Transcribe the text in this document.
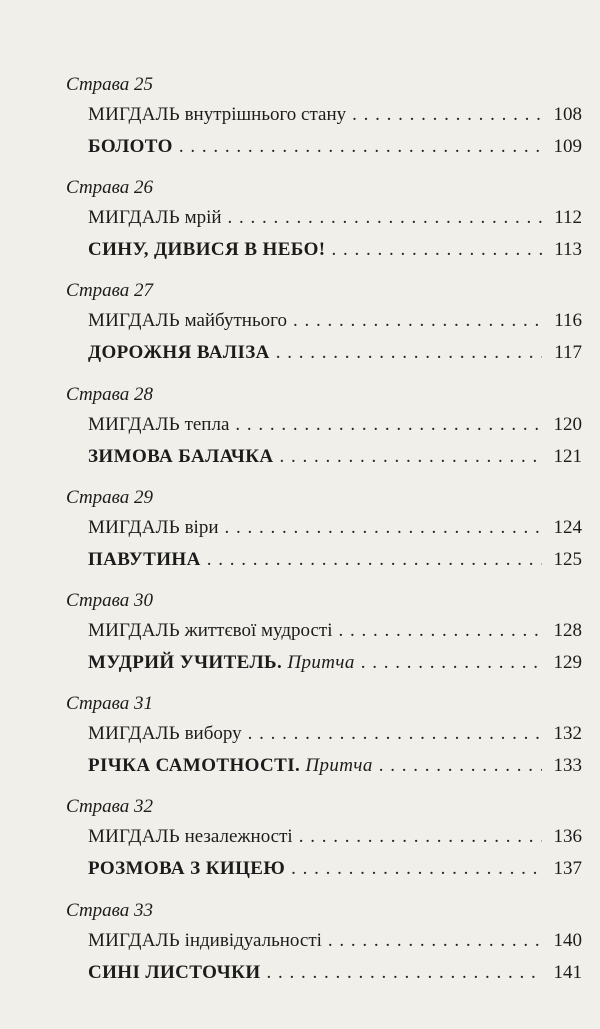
Страва 25
МИГДАЛЬ внутрішнього стану . . .	108
БОЛОТО . . .	109
Страва 26
МИГДАЛЬ мрій . . .	112
СИНУ, ДИВИСЯ В НЕБО! . . .	113
Страва 27
МИГДАЛЬ майбутнього . . .	116
ДОРОЖНЯ ВАЛІЗА . . .	117
Страва 28
МИГДАЛЬ тепла . . .	120
ЗИМОВА БАЛАЧКА . . .	121
Страва 29
МИГДАЛЬ віри . . .	124
ПАВУТИНА . . .	125
Страва 30
МИГДАЛЬ життєвої мудрості . . .	128
МУДРИЙ УЧИТЕЛЬ. Притча . . .	129
Страва 31
МИГДАЛЬ вибору . . .	132
РІЧКА САМОТНОСТІ. Притча . . .	133
Страва 32
МИГДАЛЬ незалежності . . .	136
РОЗМОВА З КИЦЕЮ . . .	137
Страва 33
МИГДАЛЬ індивідуальності . . .	140
СИНІ ЛИСТОЧКИ . . .	141
